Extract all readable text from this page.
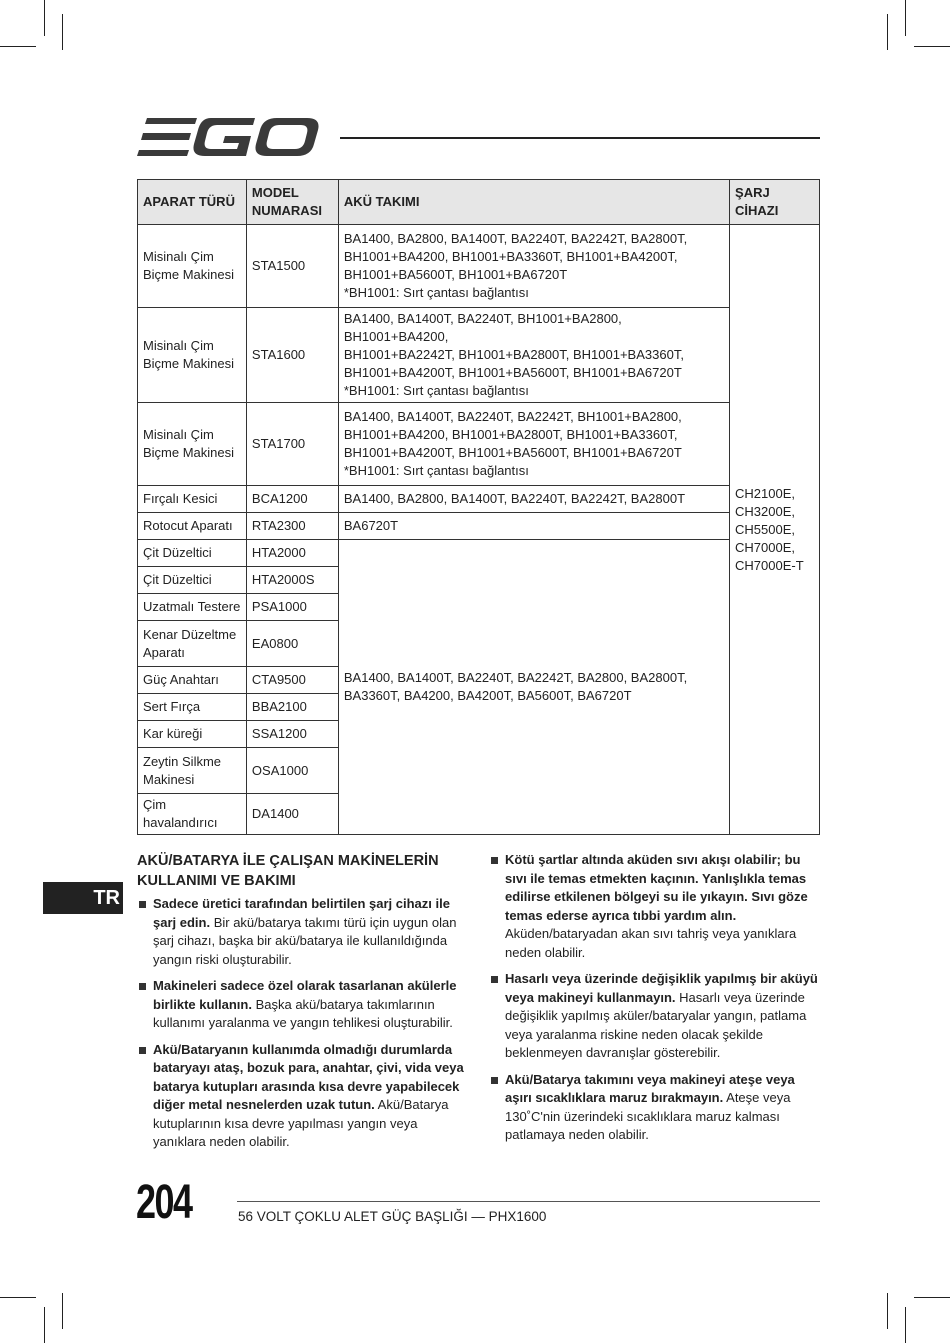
APARAT TÜRÜ	MODEL NUMARASI	AKÜ TAKIMI	ŞARJ CİHAZI
Misinalı Çim Biçme Makinesi	STA1500	BA1400, BA2800, BA1400T, BA2240T, BA2242T, BA2800T,
BH1001+BA4200, BH1001+BA3360T, BH1001+BA4200T,
BH1001+BA5600T, BH1001+BA6720T
*BH1001: Sırt çantası bağlantısı	CH2100E,
CH3200E,
CH5500E,
CH7000E,
CH7000E-T
Misinalı Çim Biçme Makinesi	STA1600	BA1400, BA1400T, BA2240T, BH1001+BA2800, BH1001+BA4200,
BH1001+BA2242T, BH1001+BA2800T, BH1001+BA3360T,
BH1001+BA4200T, BH1001+BA5600T, BH1001+BA6720T
*BH1001: Sırt çantası bağlantısı	
Misinalı Çim Biçme Makinesi	STA1700	BA1400, BA1400T, BA2240T, BA2242T, BH1001+BA2800,
BH1001+BA4200, BH1001+BA2800T, BH1001+BA3360T,
BH1001+BA4200T, BH1001+BA5600T, BH1001+BA6720T
*BH1001: Sırt çantası bağlantısı	
Fırçalı Kesici	BCA1200	BA1400, BA2800, BA1400T, BA2240T, BA2242T, BA2800T	
Rotocut Aparatı	RTA2300	BA6720T	
Çit Düzeltici	HTA2000	BA1400, BA1400T, BA2240T, BA2242T, BA2800, BA2800T,
BA3360T, BA4200, BA4200T, BA5600T, BA6720T	
Çit Düzeltici	HTA2000S		
Uzatmalı Testere	PSA1000		
Kenar Düzeltme Aparatı	EA0800		
Güç Anahtarı	CTA9500		
Sert Fırça	BBA2100		
Kar küreği	SSA1200		
Zeytin Silkme Makinesi	OSA1000		
Çim havalandırıcı	DA1400		
TR
AKÜ/BATARYA İLE ÇALIŞAN MAKİNELERİN KULLANIMI VE BAKIMI
Sadece üretici tarafından belirtilen şarj cihazı ile şarj edin. Bir akü/batarya takımı türü için uygun olan şarj cihazı, başka bir akü/batarya ile kullanıldığında yangın riski oluşturabilir.
Makineleri sadece özel olarak tasarlanan akülerle birlikte kullanın. Başka akü/batarya takımlarının kullanımı yaralanma ve yangın tehlikesi oluşturabilir.
Akü/Bataryanın kullanımda olmadığı durumlarda bataryayı ataş, bozuk para, anahtar, çivi, vida veya batarya kutupları arasında kısa devre yapabilecek diğer metal nesnelerden uzak tutun. Akü/Batarya kutuplarının kısa devre yapılması yangın veya yanıklara neden olabilir.
Kötü şartlar altında aküden sıvı akışı olabilir; bu sıvı ile temas etmekten kaçının. Yanlışlıkla temas edilirse etkilenen bölgeyi su ile yıkayın. Sıvı göze temas ederse ayrıca tıbbi yardım alın. Aküden/bataryadan akan sıvı tahriş veya yanıklara neden olabilir.
Hasarlı veya üzerinde değişiklik yapılmış bir aküyü veya makineyi kullanmayın. Hasarlı veya üzerinde değişiklik yapılmış aküler/bataryalar yangın, patlama veya yaralanma riskine neden olacak şekilde beklenmeyen davranışlar gösterebilir.
Akü/Batarya takımını veya makineyi ateşe veya aşırı sıcaklıklara maruz bırakmayın. Ateşe veya 130˚C'nin üzerindeki sıcaklıklara maruz kalması patlamaya neden olabilir.
204	56 VOLT ÇOKLU ALET GÜÇ BAŞLIĞI — PHX1600
